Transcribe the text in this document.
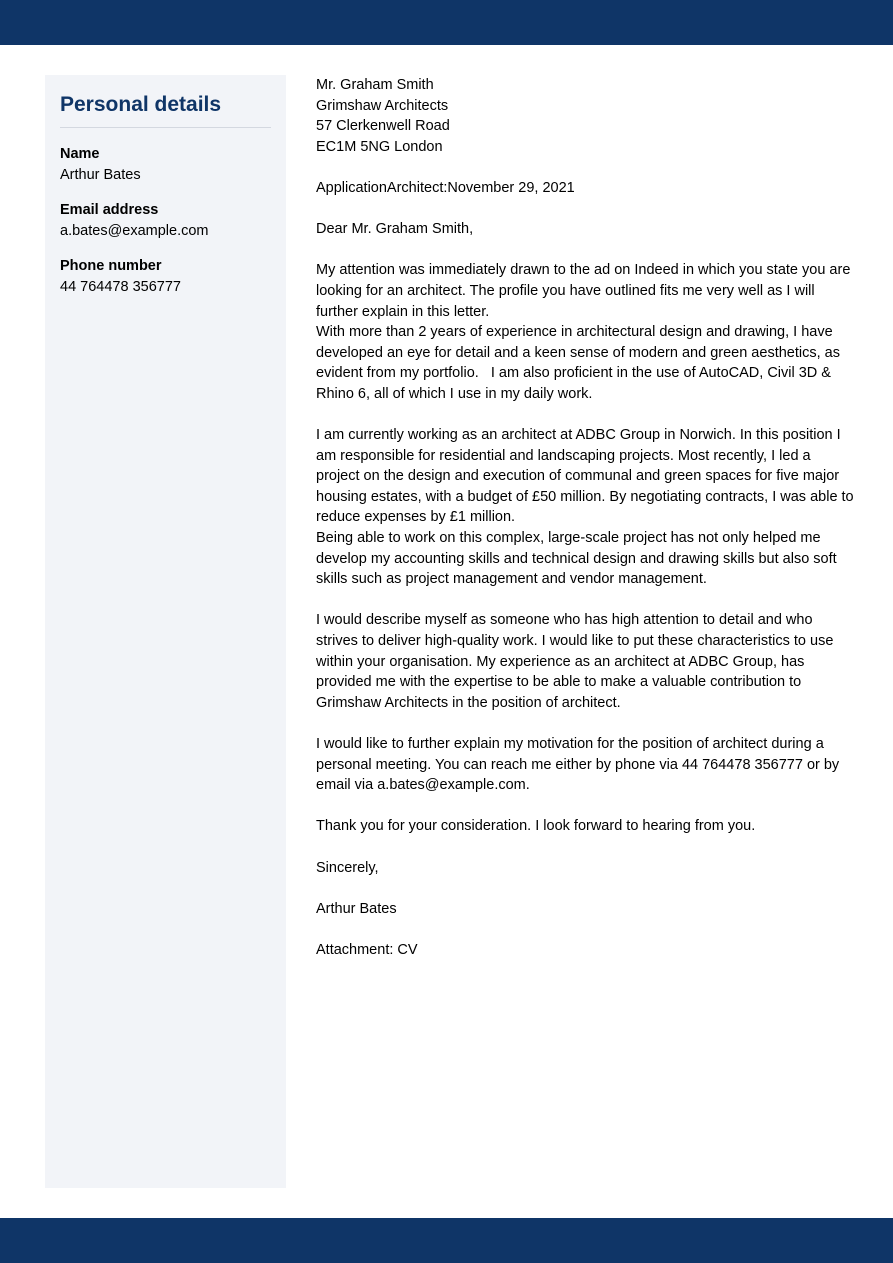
Personal details
Name
Arthur Bates
Email address
a.bates@example.com
Phone number
44 764478 356777

Mr. Graham Smith
Grimshaw Architects
57 Clerkenwell Road
EC1M 5NG London

ApplicationArchitect:November 29, 2021

Dear Mr. Graham Smith,

My attention was immediately drawn to the ad on Indeed in which you state you are looking for an architect. The profile you have outlined fits me very well as I will further explain in this letter.
With more than 2 years of experience in architectural design and drawing, I have developed an eye for detail and a keen sense of modern and green aesthetics, as evident from my portfolio.   I am also proficient in the use of AutoCAD, Civil 3D & Rhino 6, all of which I use in my daily work.

I am currently working as an architect at ADBC Group in Norwich. In this position I am responsible for residential and landscaping projects. Most recently, I led a project on the design and execution of communal and green spaces for five major housing estates, with a budget of £50 million. By negotiating contracts, I was able to reduce expenses by £1 million.
Being able to work on this complex, large-scale project has not only helped me develop my accounting skills and technical design and drawing skills but also soft skills such as project management and vendor management.

I would describe myself as someone who has high attention to detail and who strives to deliver high-quality work. I would like to put these characteristics to use within your organisation. My experience as an architect at ADBC Group, has provided me with the expertise to be able to make a valuable contribution to Grimshaw Architects in the position of architect.

I would like to further explain my motivation for the position of architect during a personal meeting. You can reach me either by phone via 44 764478 356777 or by email via a.bates@example.com.

Thank you for your consideration. I look forward to hearing from you.

Sincerely,

Arthur Bates

Attachment: CV
